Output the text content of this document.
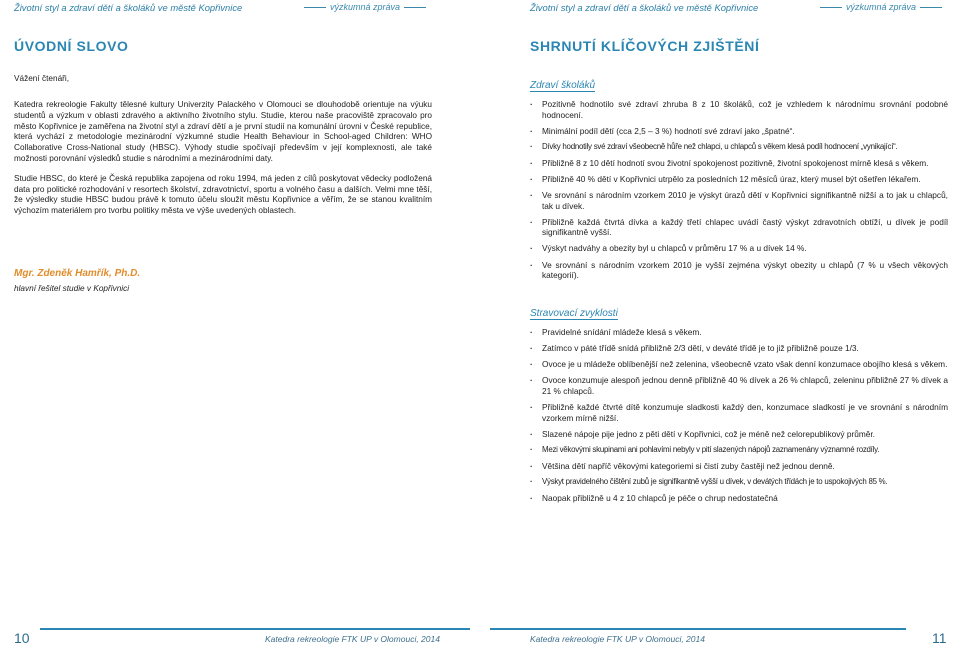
Životní styl a zdraví dětí a školáků ve městě Kopřivnice	výzkumná zpráva
ÚVODNÍ SLOVO
Vážení čtenáři,

Katedra rekreologie Fakulty tělesné kultury Univerzity Palackého v Olomouci se dlouhodobě orientuje na výuku studentů a výzkum v oblasti zdravého a aktivního životního stylu. Studie, kterou naše pracoviště zpracovalo pro město Kopřivnice je zaměřena na životní styl a zdraví dětí a je první studií na komunální úrovni v České republice, která vychází z metodologie mezinárodní výzkumné studie Health Behaviour in School-aged Children: WHO Collaborative Cross-National study (HBSC). Výhody studie spočívají především v její komplexnosti, ale také možnosti porovnání výsledků studie s národními a mezinárodními daty.

Studie HBSC, do které je Česká republika zapojena od roku 1994, má jeden z cílů poskytovat vědecky podložená data pro politické rozhodování v resortech školství, zdravotnictví, sportu a volného času a dalších. Velmi mne těší, že výsledky studie HBSC budou právě k tomuto účelu sloužit městu Kopřivnice a věřím, že se stanou kvalitním výchozím materiálem pro tvorbu politiky města ve výše uvedených oblastech.

Mgr. Zdeněk Hamřík, Ph.D.
hlavní řešitel studie v Kopřivnici
10	Katedra rekreologie FTK UP v Olomouci, 2014
Životní styl a zdraví dětí a školáků ve městě Kopřivnice	výzkumná zpráva
SHRNUTÍ KLÍČOVÝCH ZJIŠTĚNÍ
Zdraví školáků
· Pozitivně hodnotilo své zdraví zhruba 8 z 10 školáků, což je vzhledem k národnímu srovnání podobné hodnocení.
· Minimální podíl dětí (cca 2,5 – 3 %) hodnotí své zdraví jako „špatné“.
· Dívky hodnotily své zdraví všeobecně hůře než chlapci, u chlapců s věkem klesá podíl hodnocení „vynikající“.
· Přibližně 8 z 10 dětí hodnotí svou životní spokojenost pozitivně, životní spokojenost mírně klesá s věkem.
· Přibližně 40 % dětí v Kopřivnici utrpělo za posledních 12 měsíců úraz, který musel být ošetřen lékařem.
· Ve srovnání s národním vzorkem 2010 je výskyt úrazů dětí v Kopřivnici signifikantně nižší a to jak u chlapců, tak u dívek.
· Přibližně každá čtvrtá dívka a každý třetí chlapec uvádí častý výskyt zdravotních obtíží, u dívek je podíl signifikantně vyšší.
· Výskyt nadváhy a obezity byl u chlapců v průměru 17 % a u dívek 14 %.
· Ve srovnání s národním vzorkem 2010 je vyšší zejména výskyt obezity u chlapů (7 % u všech věkových kategorií).
Stravovací zvyklosti
· Pravidelné snídání mládeže klesá s věkem.
· Zatímco v páté třídě snídá přibližně 2/3 dětí, v deváté třídě je to již přibližně pouze 1/3.
· Ovoce je u mládeže oblíbenější než zelenina, všeobecně vzato však denní konzumace obojího klesá s věkem.
· Ovoce konzumuje alespoň jednou denně přibližně 40 % dívek a 26 % chlapců, zeleninu přibližně 27 % dívek a 21 % chlapců.
· Přibližně každé čtvrté dítě konzumuje sladkosti každý den, konzumace sladkostí je ve srovnání s národním vzorkem mírně nižší.
· Slazené nápoje pije jedno z pěti dětí v Kopřivnici, což je méně než celorepublikový průměr.
· Mezi věkovými skupinami ani pohlavími nebyly v pití slazených nápojů zaznamenány významné rozdíly.
· Většina dětí napříč věkovými kategoriemi si čistí zuby častěji než jednou denně.
· Výskyt pravidelného čištění zubů je signifikantně vyšší u dívek, v devátých třídách je to uspokojivých 85 %.
· Naopak přibližně u 4 z 10 chlapců je péče o chrup nedostatečná
Katedra rekreologie FTK UP v Olomouci, 2014	11
